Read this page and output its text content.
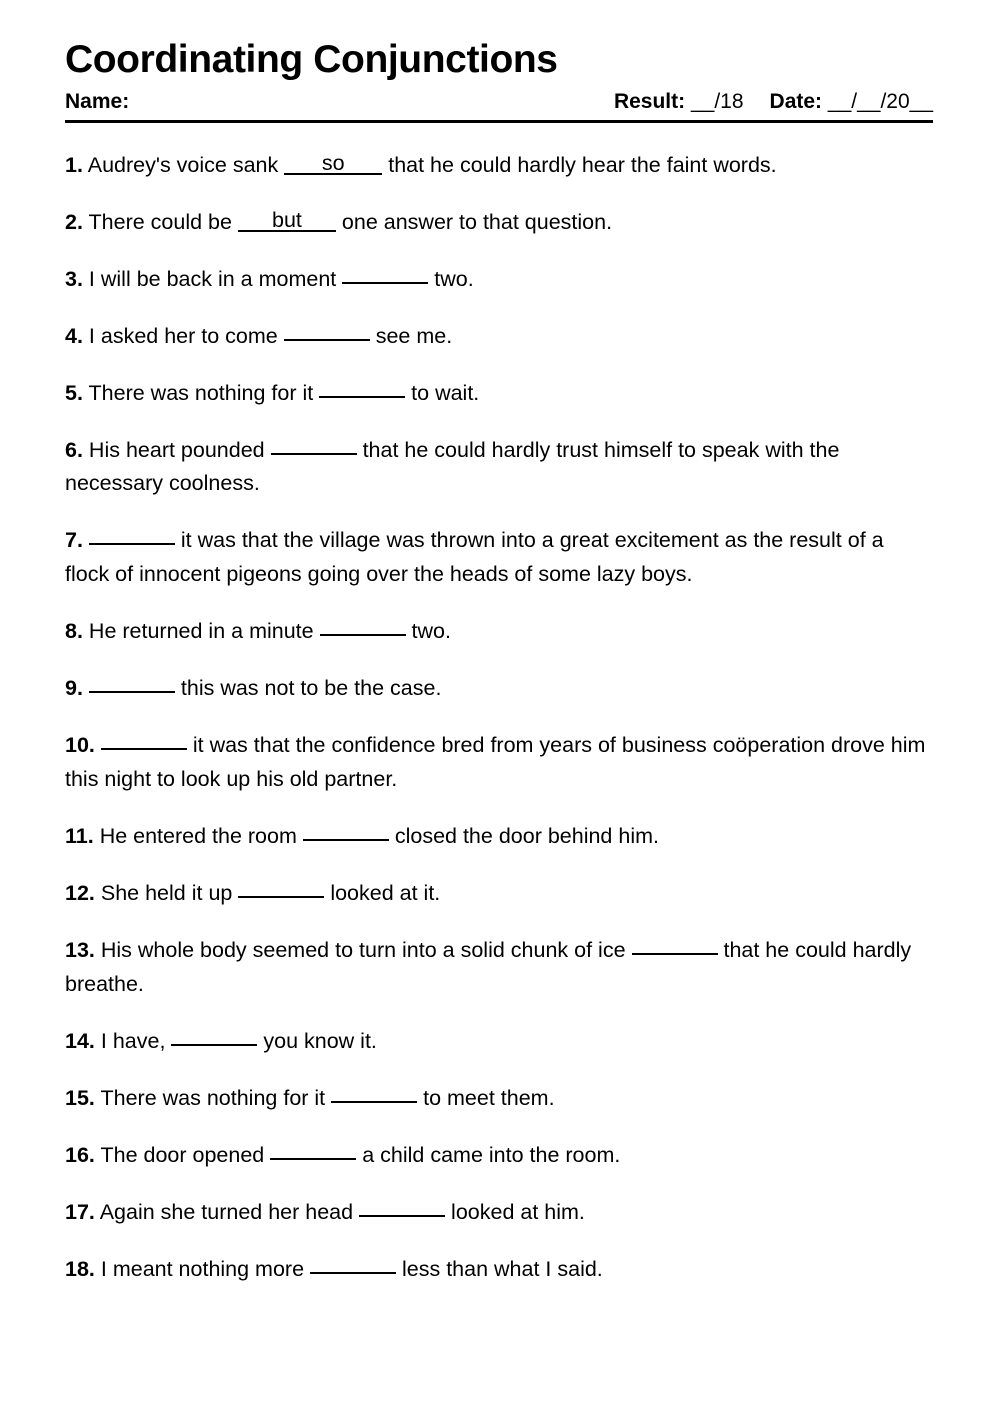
Coordinating Conjunctions
Name:	Result: __/18 Date: __/__/20__

1. Audrey's voice sank so that he could hardly hear the faint words.

2. There could be but one answer to that question.

3. I will be back in a moment	two.

4. I asked her to come	see me.

5. There was nothing for it	to wait.

6. His heart pounded	that he could hardly trust himself to speak with the necessary coolness.

7.	it was that the village was thrown into a great excitement as the result of a flock of innocent pigeons going over the heads of some lazy boys.

8. He returned in a minute	two.

9.	this was not to be the case.

10.	it was that the confidence bred from years of business coöperation drove him this night to look up his old partner.

11. He entered the room	closed the door behind him.

12. She held it up	looked at it.

13. His whole body seemed to turn into a solid chunk of ice	that he could hardly breathe.

14. I have,	you know it.

15. There was nothing for it	to meet them.

16. The door opened	a child came into the room.

17. Again she turned her head	looked at him.

18. I meant nothing more	less than what I said.
